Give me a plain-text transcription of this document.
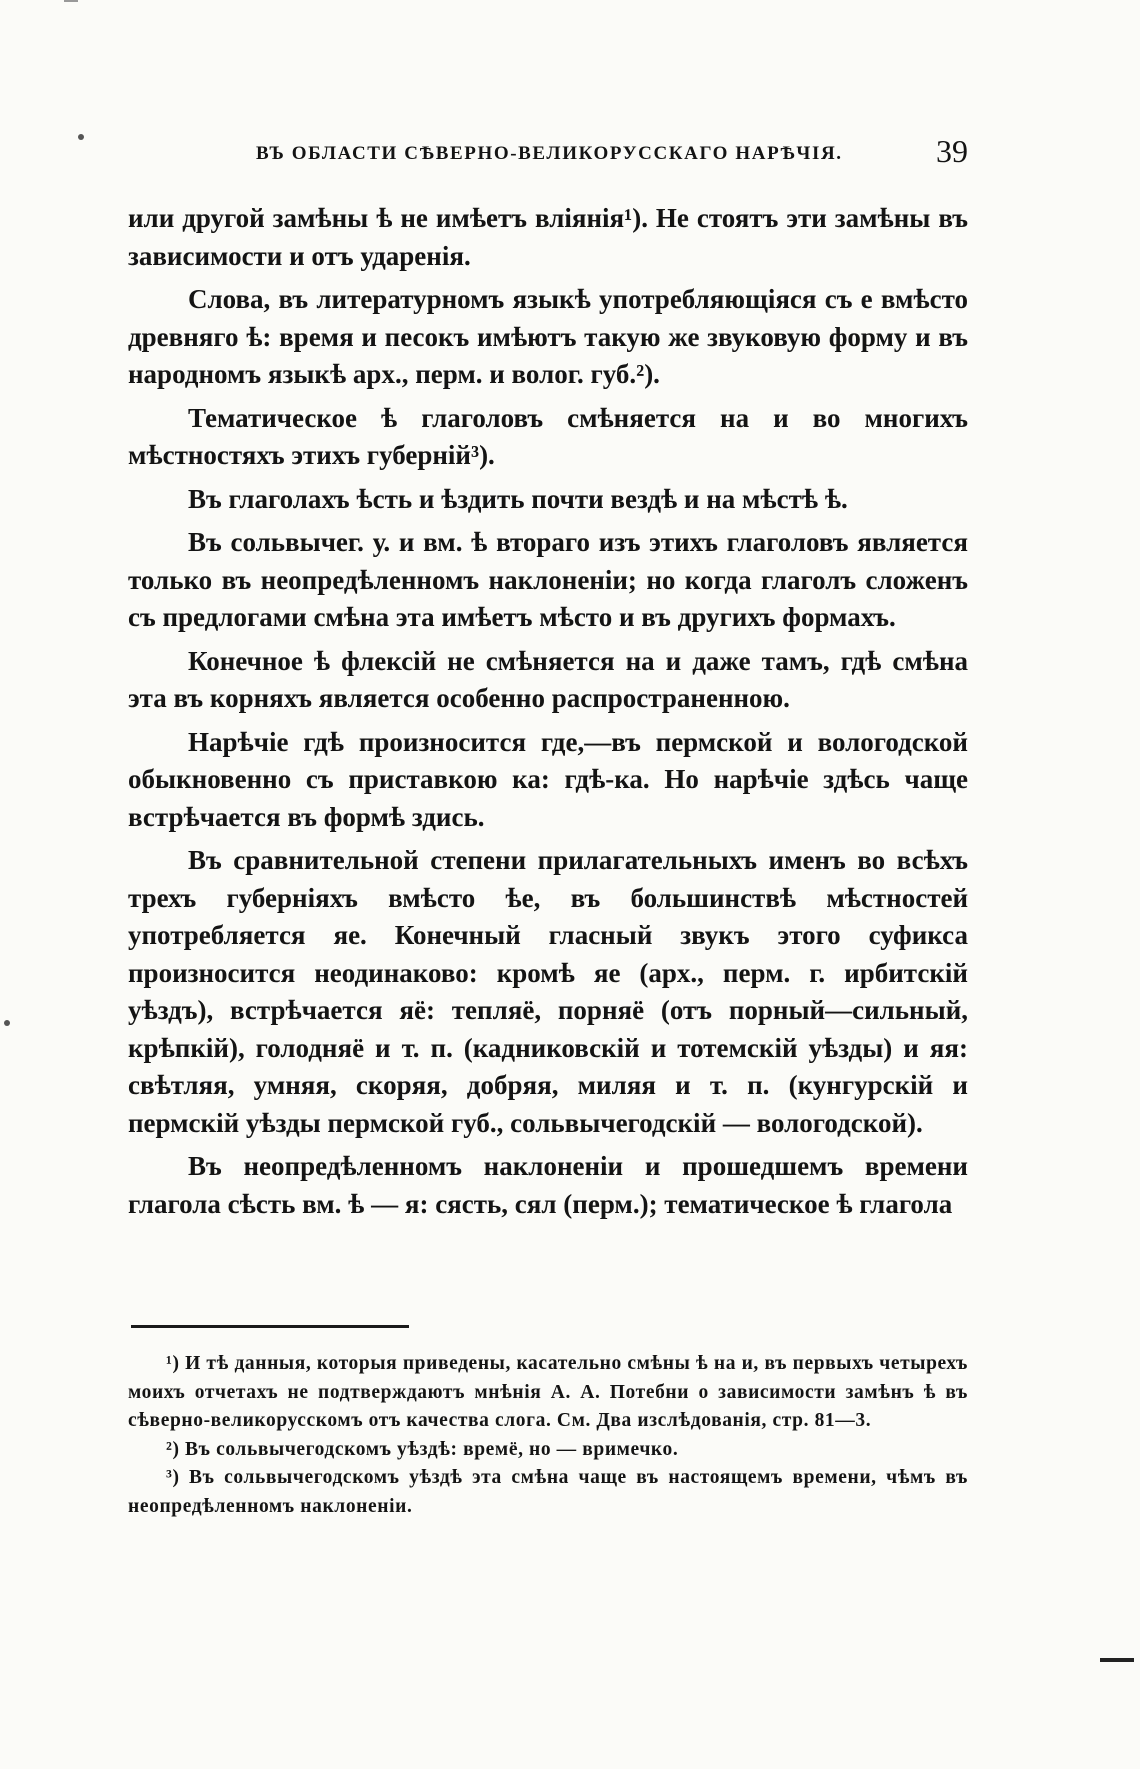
ВЪ ОБЛАСТИ СѢВЕРНО-ВЕЛИКОРУССКАГО НАРѢЧІЯ.	39

или другой замѣны ѣ не имѣетъ вліянія¹). Не стоятъ эти замѣны въ зависимости и отъ ударенія.

Слова, въ литературномъ языкѣ употребляющіяся съ е вмѣсто древняго ѣ: время и песокъ имѣютъ такую же звуковую форму и въ народномъ языкѣ арх., перм. и волог. губ.²).

Тематическое ѣ глаголовъ смѣняется на и во многихъ мѣстностяхъ этихъ губерній³).

Въ глаголахъ ѣсть и ѣздить почти вездѣ и на мѣстѣ ѣ.

Въ сольвычег. у. и вм. ѣ втораго изъ этихъ глаголовъ является только въ неопредѣленномъ наклоненіи; но когда глаголъ сложенъ съ предлогами смѣна эта имѣетъ мѣсто и въ другихъ формахъ.

Конечное ѣ флексій не смѣняется на и даже тамъ, гдѣ смѣна эта въ корняхъ является особенно распространенною.

Нарѣчіе гдѣ произносится где,—въ пермской и вологодской обыкновенно съ приставкою ка: гдѣ-ка. Но нарѣчіе здѣсь чаще встрѣчается въ формѣ здись.

Въ сравнительной степени прилагательныхъ именъ во всѣхъ трехъ губерніяхъ вмѣсто ѣе, въ большинствѣ мѣстностей употребляется яе. Конечный гласный звукъ этого суфикса произносится неодинаково: кромѣ яе (арх., перм. г. ирбитскій уѣздъ), встрѣчается яё: тепляё, порняё (отъ порный—сильный, крѣпкій), голодняё и т. п. (кадниковскій и тотемскій уѣзды) и яя: свѣтляя, умняя, скоряя, добряя, миляя и т. п. (кунгурскій и пермскій уѣзды пермской губ., сольвычегодскій — вологодской).

Въ неопредѣленномъ наклоненіи и прошедшемъ времени глагола сѣсть вм. ѣ — я: сясть, сял (перм.); тематическое ѣ глагола

¹) И тѣ данныя, которыя приведены, касательно смѣны ѣ на и, въ первыхъ четырехъ моихъ отчетахъ не подтверждаютъ мнѣнія А. А. Потебни о зависимости замѣнъ ѣ въ сѣверно-великорусскомъ отъ качества слога. См. Два изслѣдованія, стр. 81—3.

²) Въ сольвычегодскомъ уѣздѣ: времё, но — вримечко.

³) Въ сольвычегодскомъ уѣздѣ эта смѣна чаще въ настоящемъ времени, чѣмъ въ неопредѣленномъ наклоненіи.
